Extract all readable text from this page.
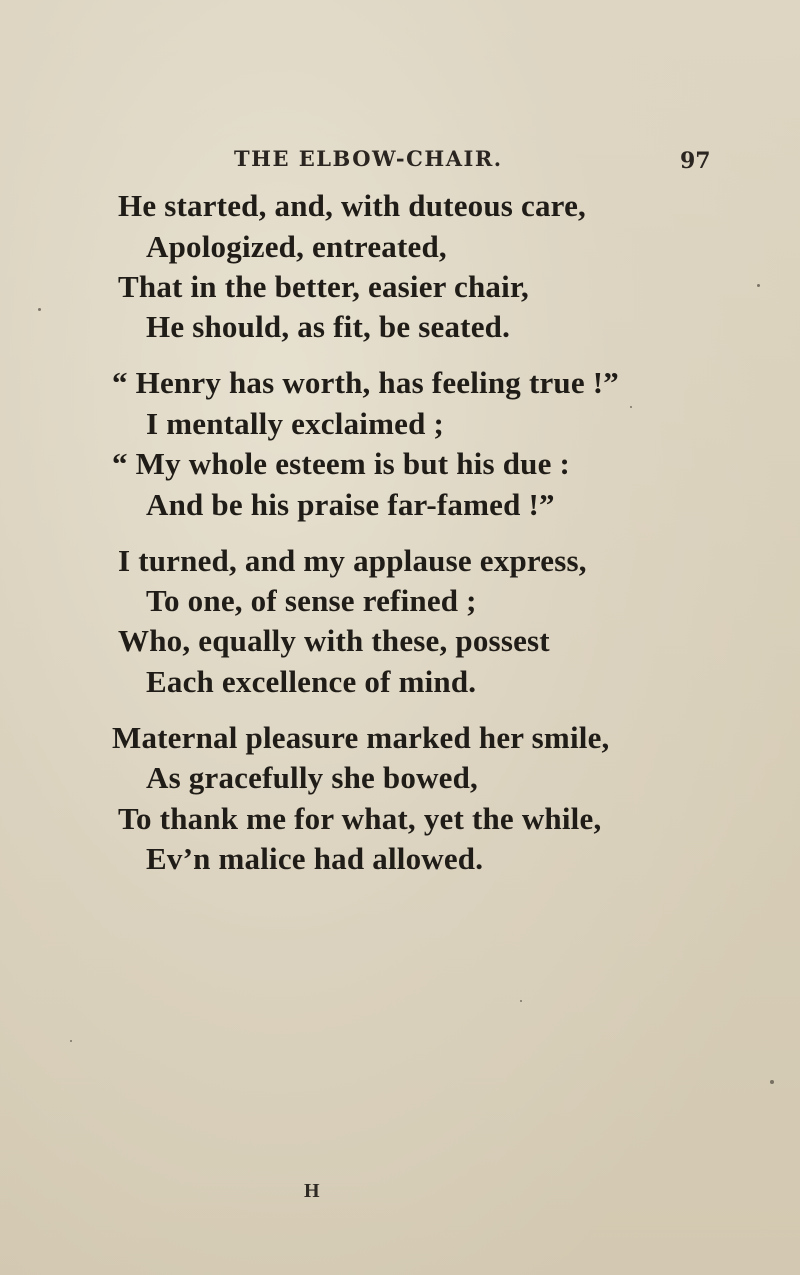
THE ELBOW-CHAIR.	97
He started, and, with duteous care,
Apologized, entreated,
That in the better, easier chair,
He should, as fit, be seated.
“ Henry has worth, has feeling true !”
I mentally exclaimed ;
“ My whole esteem is but his due :
And be his praise far-famed !”
I turned, and my applause express,
To one, of sense refined ;
Who, equally with these, possest
Each excellence of mind.
Maternal pleasure marked her smile,
As gracefully she bowed,
To thank me for what, yet the while,
Ev’n malice had allowed.
H
